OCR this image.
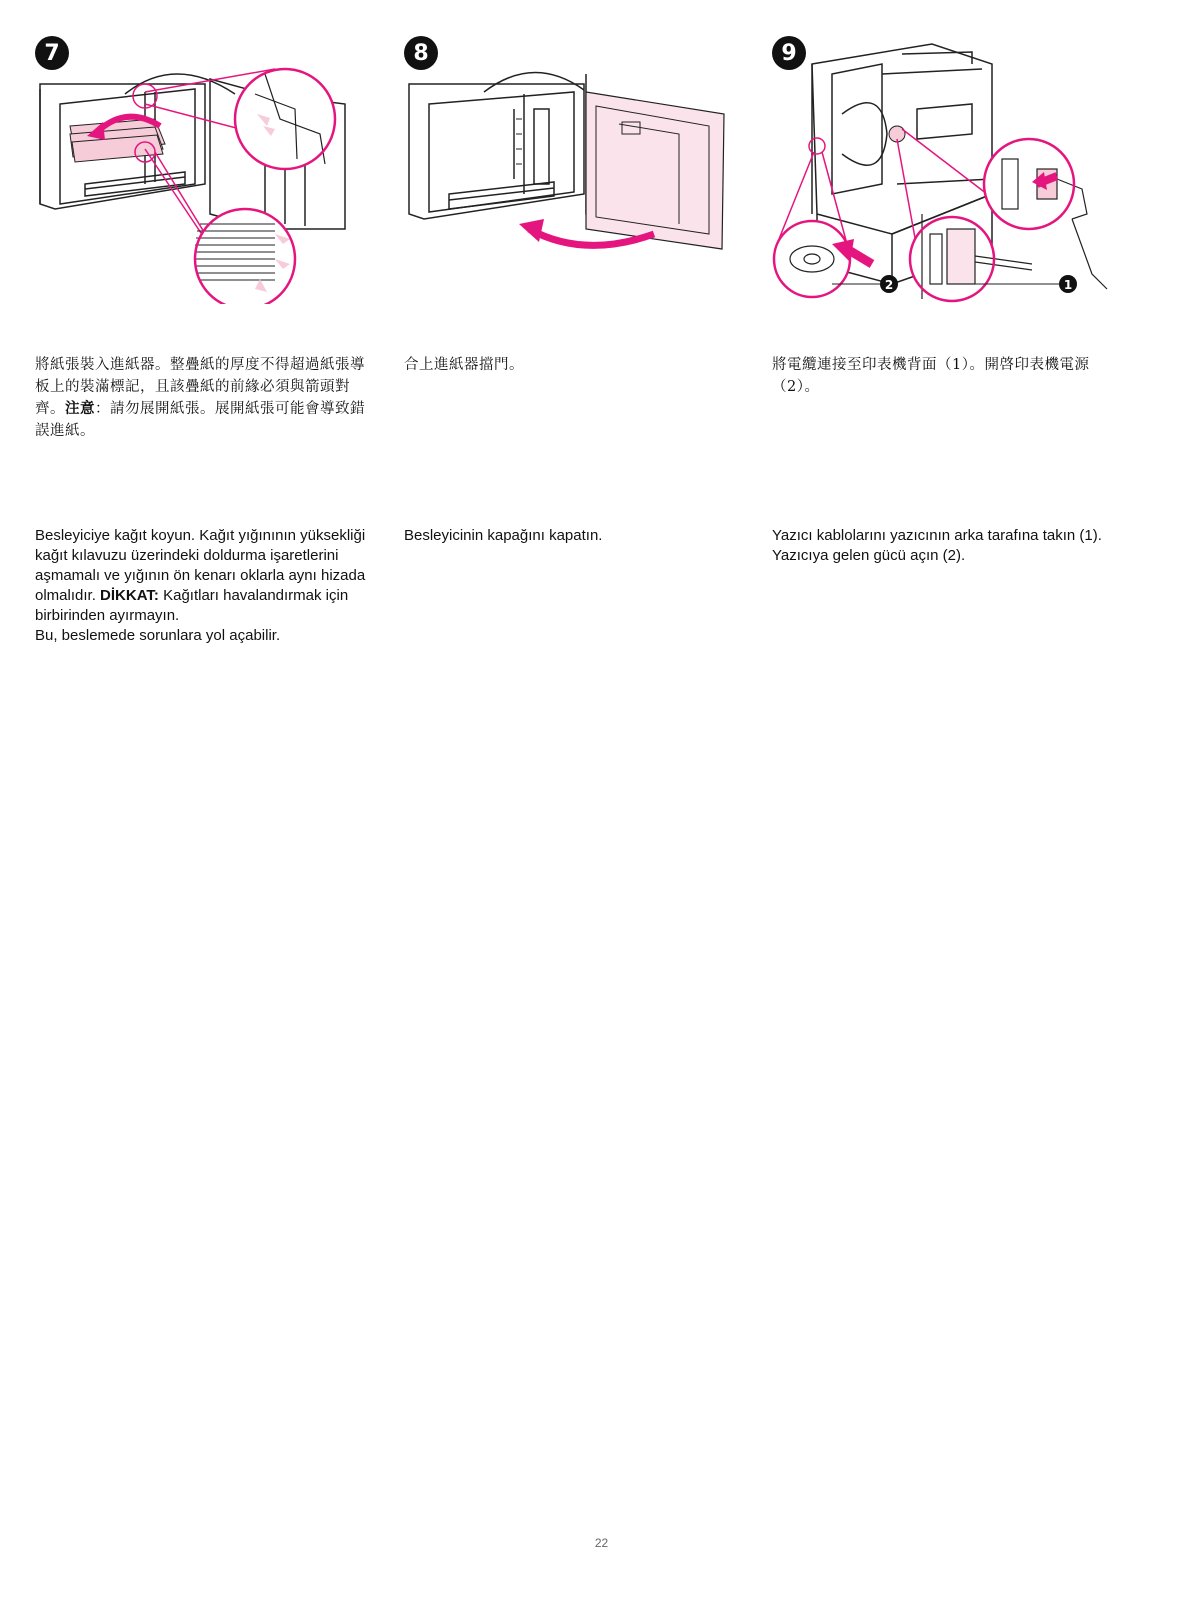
7
將紙張裝入進紙器。整疊紙的厚度不得超過紙張導板上的裝滿標記，且該疊紙的前緣必須與箭頭對齊。注意：請勿展開紙張。展開紙張可能會導致錯誤進紙。
Besleyiciye kağıt koyun. Kağıt yığınının yüksekliği kağıt kılavuzu üzerindeki doldurma işaretlerini aşmamalı ve yığının ön kenarı oklarla aynı hizada olmalıdır. DİKKAT: Kağıtları havalandırmak için birbirinden ayırmayın.
Bu, beslemede sorunlara yol açabilir.
8
合上進紙器擋門。
Besleyicinin kapağını kapatın.
9
2	1
將電纜連接至印表機背面（1）。開啓印表機電源（2）。
Yazıcı kablolarını yazıcının arka tarafına takın (1). Yazıcıya gelen gücü açın (2).
22
